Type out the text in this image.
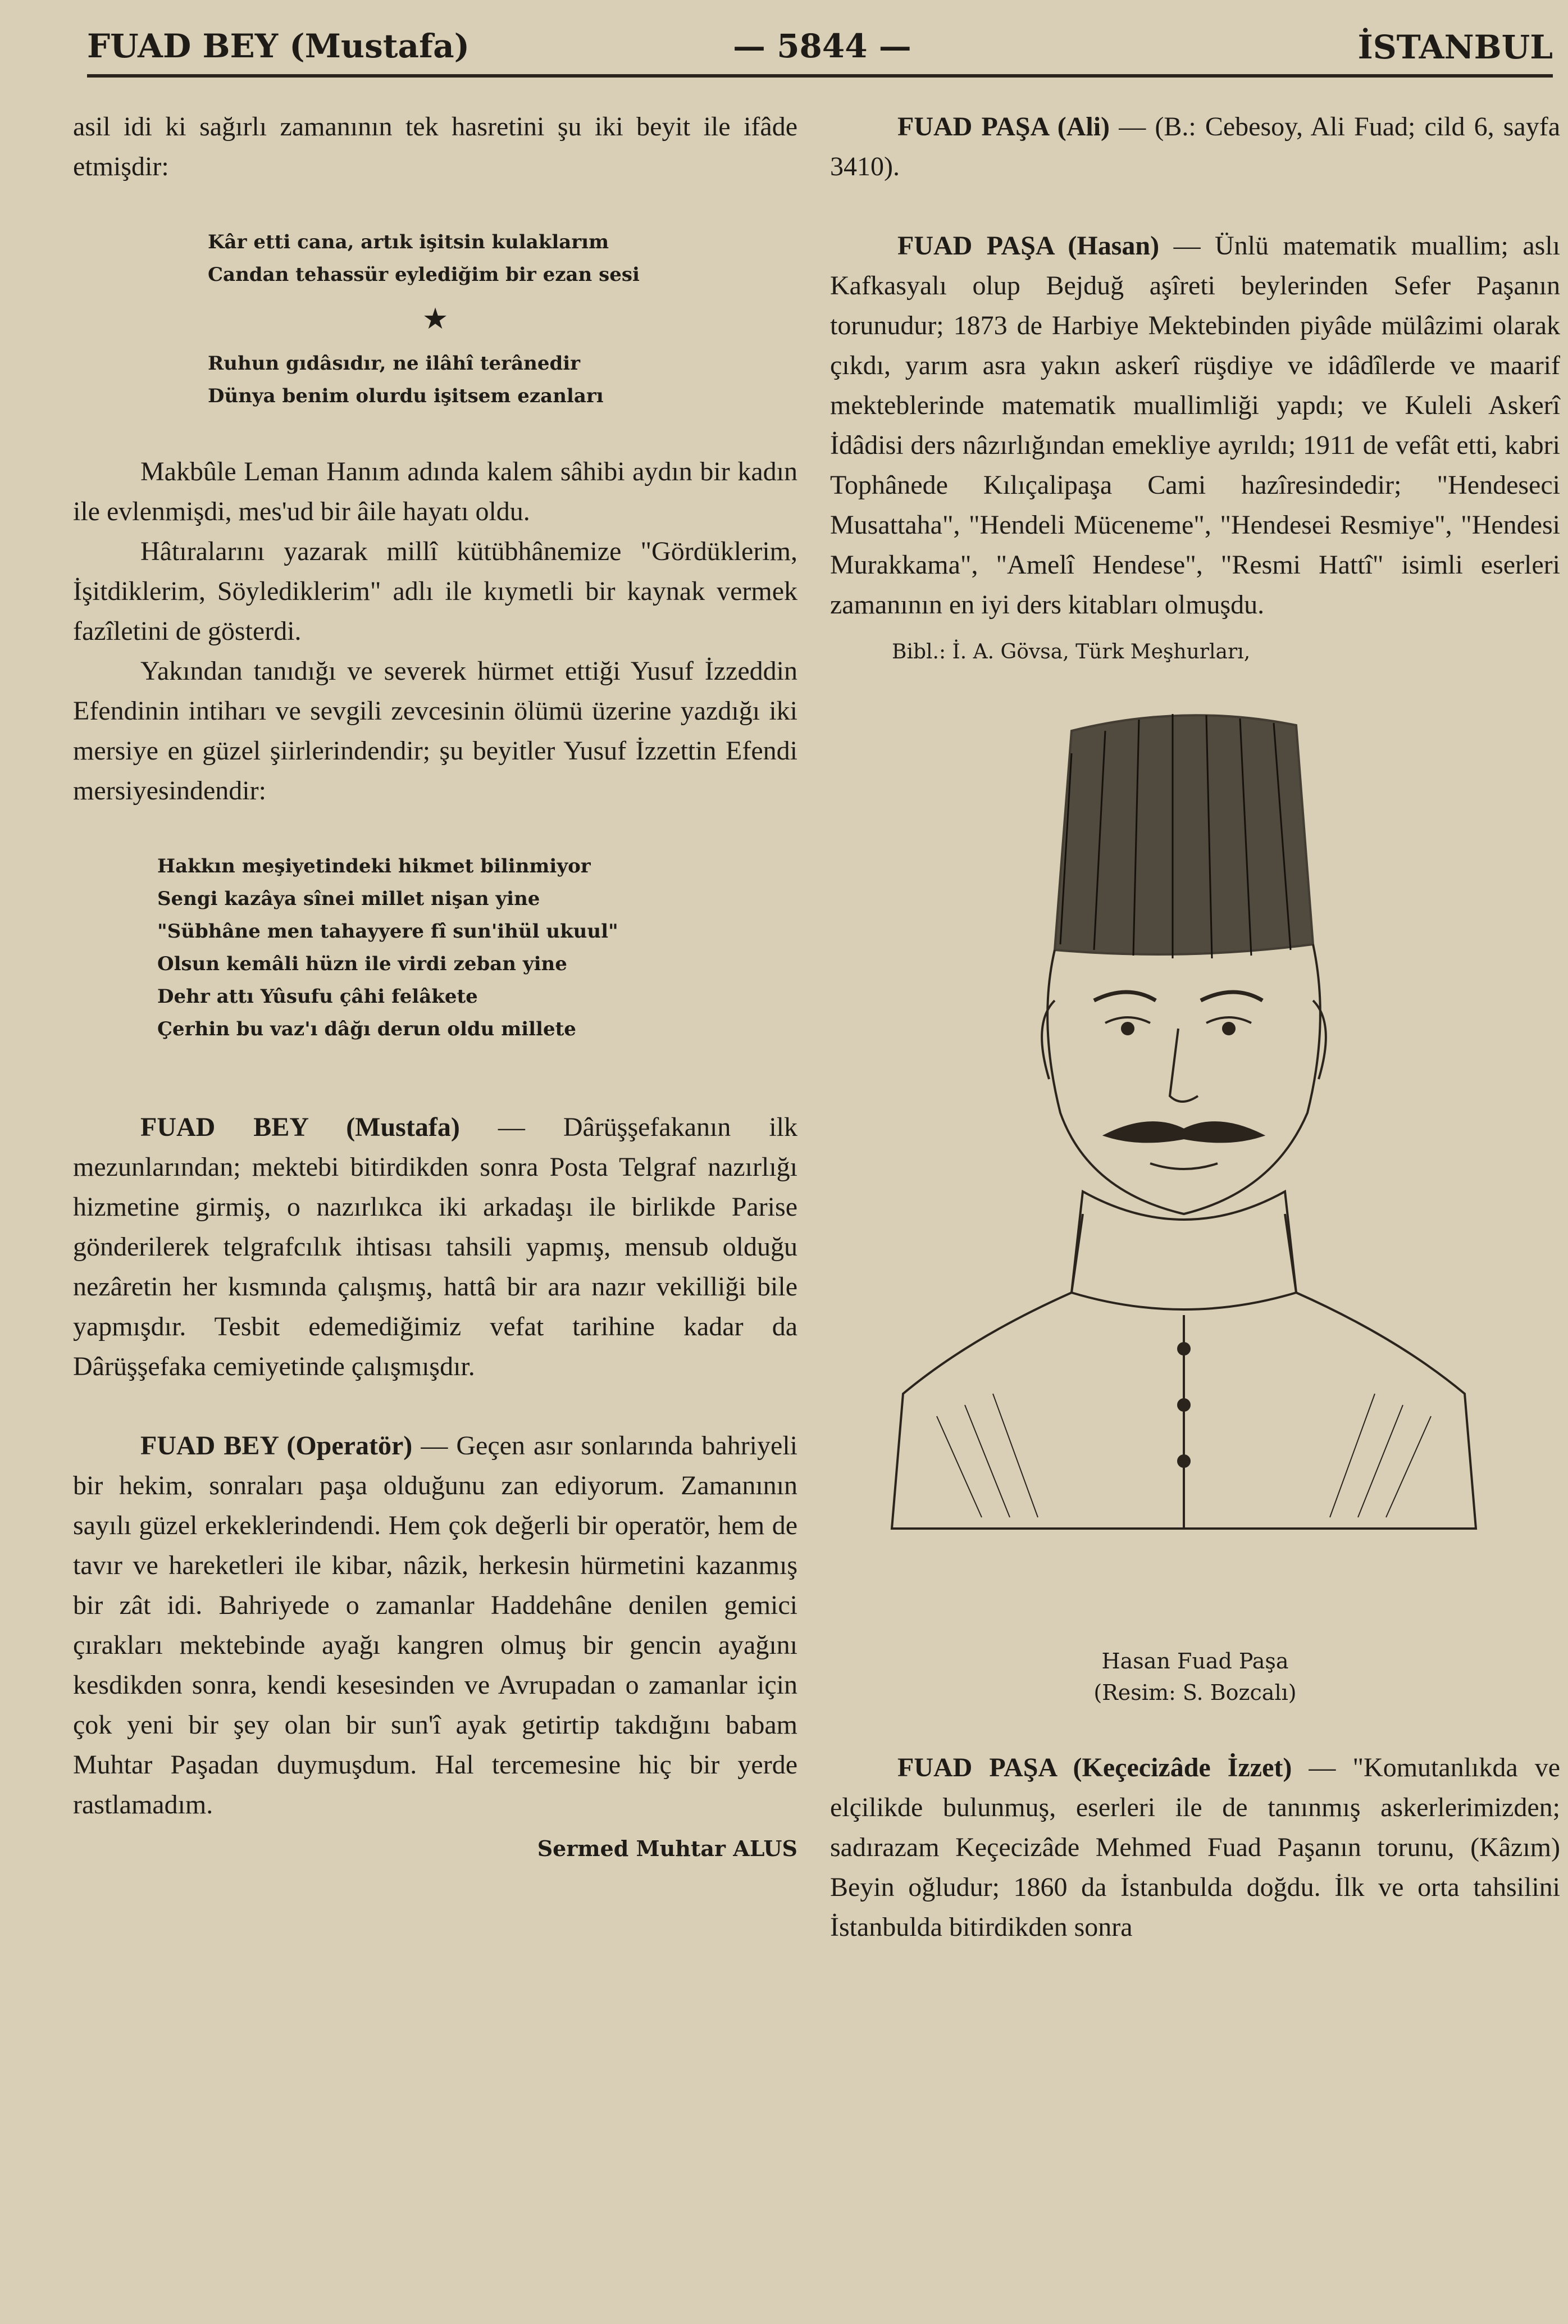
FUAD BEY (Mustafa)	— 5844 —	İSTANBUL

asil idi ki sağırlı zamanının tek hasretini şu iki beyit ile ifâde etmişdir:

Kâr etti cana, artık işitsin kulaklarım
Candan tehassür eylediğim bir ezan sesi
★
Ruhun gıdâsıdır, ne ilâhî terânedir
Dünya benim olurdu işitsem ezanları

Makbûle Leman Hanım adında kalem sâhibi aydın bir kadın ile evlenmişdi, mes'ud bir âile hayatı oldu.

Hâtıralarını yazarak millî kütübhânemize "Gördüklerim, İşitdiklerim, Söylediklerim" adlı ile kıymetli bir kaynak vermek fazîletini de gösterdi.

Yakından tanıdığı ve severek hürmet ettiği Yusuf İzzeddin Efendinin intiharı ve sevgili zevcesinin ölümü üzerine yazdığı iki mersiye en güzel şiirlerindendir; şu beyitler Yusuf İzzettin Efendi mersiyesindendir:

Hakkın meşiyetindeki hikmet bilinmiyor
Sengi kazâya sînei millet nişan yine
"Sübhâne men tahayyere fî sun'ihül ukuul"
Olsun kemâli hüzn ile virdi zeban yine
Dehr attı Yûsufu çâhi felâkete
Çerhin bu vaz'ı dâğı derun oldu millete

FUAD BEY (Mustafa) — Dârüşşefakanın ilk mezunlarından; mektebi bitirdikden sonra Posta Telgraf nazırlığı hizmetine girmiş, o nazırlıkca iki arkadaşı ile birlikde Parise gönderilerek telgrafcılık ihtisası tahsili yapmış, mensub olduğu nezâretin her kısmında çalışmış, hattâ bir ara nazır vekilliği bile yapmışdır. Tesbit edemediğimiz vefat tarihine kadar da Dârüşşefaka cemiyetinde çalışmışdır.

FUAD BEY (Operatör) — Geçen asır sonlarında bahriyeli bir hekim, sonraları paşa olduğunu zan ediyorum. Zamanının sayılı güzel erkeklerindendi. Hem çok değerli bir operatör, hem de tavır ve hareketleri ile kibar, nâzik, herkesin hürmetini kazanmış bir zât idi. Bahriyede o zamanlar Haddehâne denilen gemici çırakları mektebinde ayağı kangren olmuş bir gencin ayağını kesdikden sonra, kendi kesesinden ve Avrupadan o zamanlar için çok yeni bir şey olan bir sun'î ayak getirtip takdığını babam Muhtar Paşadan duymuşdum. Hal tercemesine hiç bir yerde rastlamadım.

Sermed Muhtar ALUS

FUAD PAŞA (Ali) — (B.: Cebesoy, Ali Fuad; cild 6, sayfa 3410).

FUAD PAŞA (Hasan) — Ünlü matematik muallim; aslı Kafkasyalı olup Bejduğ aşîreti beylerinden Sefer Paşanın torunudur; 1873 de Harbiye Mektebinden piyâde mülâzimi olarak çıkdı, yarım asra yakın askerî rüşdiye ve idâdîlerde ve maarif mekteblerinde matematik muallimliği yapdı; ve Kuleli Askerî İdâdisi ders nâzırlığından emekliye ayrıldı; 1911 de vefât etti, kabri Tophânede Kılıçalipaşa Cami hazîresindedir; "Hendeseci Musattaha", "Hendeli Müceneme", "Hendesei Resmiye", "Hendesi Murakkama", "Amelî Hendese", "Resmi Hattî" isimli eserleri zamanının en iyi ders kitabları olmuşdu.

Bibl.: İ. A. Gövsa, Türk Meşhurları,
Hasan Fuad Paşa
(Resim: S. Bozcalı)

FUAD PAŞA (Keçecizâde İzzet) — "Komutanlıkda ve elçilikde bulunmuş, eserleri ile de tanınmış askerlerimizden; sadırazam Keçecizâde Mehmed Fuad Paşanın torunu, (Kâzım) Beyin oğludur; 1860 da İstanbulda doğdu. İlk ve orta tahsilini İstanbulda bitirdikden sonra
